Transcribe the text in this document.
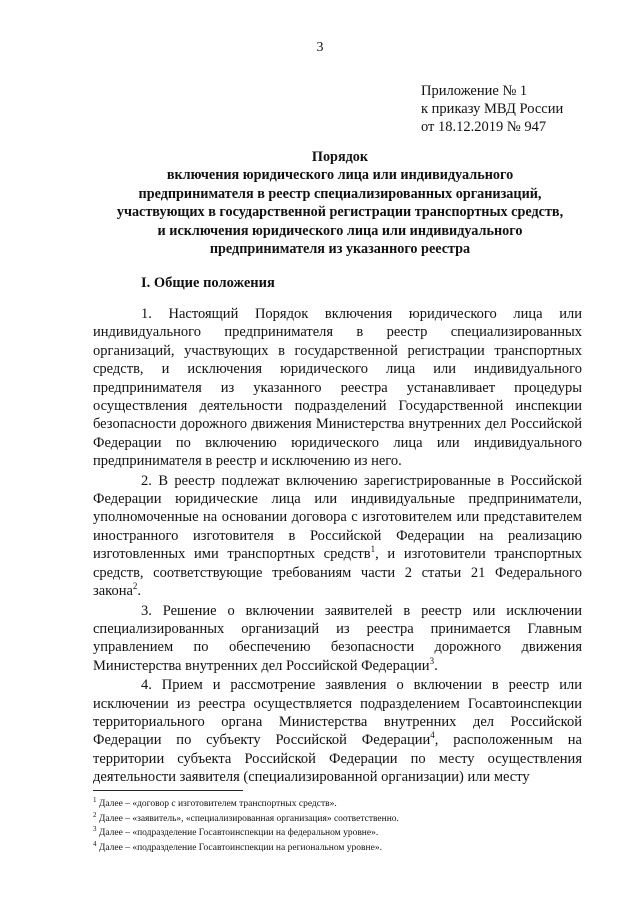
3
Приложение № 1
к приказу МВД России
от 18.12.2019 № 947
Порядок
включения юридического лица или индивидуального
предпринимателя в реестр специализированных организаций,
участвующих в государственной регистрации транспортных средств,
и исключения юридического лица или индивидуального
предпринимателя из указанного реестра
I. Общие положения

1. Настоящий Порядок включения юридического лица или индивидуального предпринимателя в реестр специализированных организаций, участвующих в государственной регистрации транспортных средств, и исключения юридического лица или индивидуального предпринимателя из указанного реестра устанавливает процедуры осуществления деятельности подразделений Государственной инспекции безопасности дорожного движения Министерства внутренних дел Российской Федерации по включению юридического лица или индивидуального предпринимателя в реестр и исключению из него.

2. В реестр подлежат включению зарегистрированные в Российской Федерации юридические лица или индивидуальные предприниматели, уполномоченные на основании договора с изготовителем или представителем иностранного изготовителя в Российской Федерации на реализацию изготовленных ими транспортных средств$^1$, и изготовители транспортных средств, соответствующие требованиям части 2 статьи 21 Федерального закона$^2$.

3. Решение о включении заявителей в реестр или исключении специализированных организаций из реестра принимается Главным управлением по обеспечению безопасности дорожного движения Министерства внутренних дел Российской Федерации$^3$.

4. Прием и рассмотрение заявления о включении в реестр или исключении из реестра осуществляется подразделением Госавтоинспекции территориального органа Министерства внутренних дел Российской Федерации по субъекту Российской Федерации$^4$, расположенным на территории субъекта Российской Федерации по месту осуществления деятельности заявителя (специализированной организации) или месту

$^1$ Далее – «договор с изготовителем транспортных средств».
$^2$ Далее – «заявитель», «специализированная организация» соответственно.
$^3$ Далее – «подразделение Госавтоинспекции на федеральном уровне».
$^4$ Далее – «подразделение Госавтоинспекции на региональном уровне».
